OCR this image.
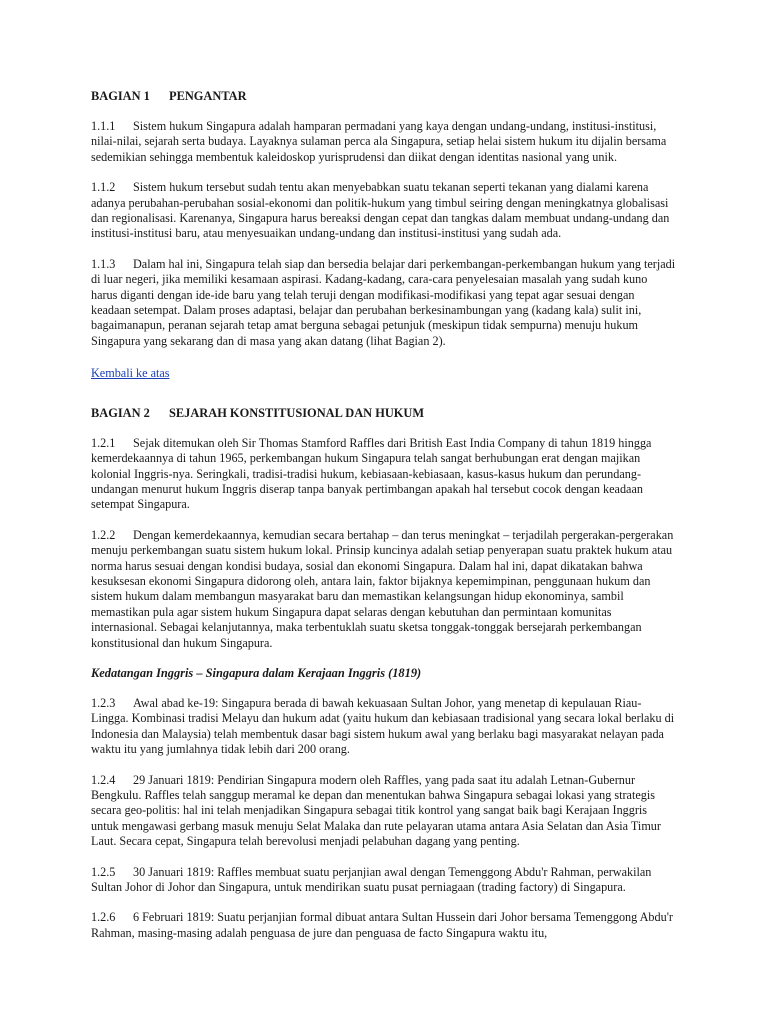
BAGIAN 1 PENGANTAR

1.1.1 Sistem hukum Singapura adalah hamparan permadani yang kaya dengan undang-undang, institusi-institusi, nilai-nilai, sejarah serta budaya. Layaknya sulaman perca ala Singapura, setiap helai sistem hukum itu dijalin bersama sedemikian sehingga membentuk kaleidoskop yurisprudensi dan diikat dengan identitas nasional yang unik.

1.1.2 Sistem hukum tersebut sudah tentu akan menyebabkan suatu tekanan seperti tekanan yang dialami karena adanya perubahan-perubahan sosial-ekonomi dan politik-hukum yang timbul seiring dengan meningkatnya globalisasi dan regionalisasi. Karenanya, Singapura harus bereaksi dengan cepat dan tangkas dalam membuat undang-undang dan institusi-institusi baru, atau menyesuaikan undang-undang dan institusi-institusi yang sudah ada.

1.1.3 Dalam hal ini, Singapura telah siap dan bersedia belajar dari perkembangan-perkembangan hukum yang terjadi di luar negeri, jika memiliki kesamaan aspirasi. Kadang-kadang, cara-cara penyelesaian masalah yang sudah kuno harus diganti dengan ide-ide baru yang telah teruji dengan modifikasi-modifikasi yang tepat agar sesuai dengan keadaan setempat. Dalam proses adaptasi, belajar dan perubahan berkesinambungan yang (kadang kala) sulit ini, bagaimanapun, peranan sejarah tetap amat berguna sebagai petunjuk (meskipun tidak sempurna) menuju hukum Singapura yang sekarang dan di masa yang akan datang (lihat Bagian 2).

Kembali ke atas
BAGIAN 2 SEJARAH KONSTITUSIONAL DAN HUKUM

1.2.1 Sejak ditemukan oleh Sir Thomas Stamford Raffles dari British East India Company di tahun 1819 hingga kemerdekaannya di tahun 1965, perkembangan hukum Singapura telah sangat berhubungan erat dengan majikan kolonial Inggris-nya. Seringkali, tradisi-tradisi hukum, kebiasaan-kebiasaan, kasus-kasus hukum dan perundang-undangan menurut hukum Inggris diserap tanpa banyak pertimbangan apakah hal tersebut cocok dengan keadaan setempat Singapura.

1.2.2 Dengan kemerdekaannya, kemudian secara bertahap – dan terus meningkat – terjadilah pergerakan-pergerakan menuju perkembangan suatu sistem hukum lokal. Prinsip kuncinya adalah setiap penyerapan suatu praktek hukum atau norma harus sesuai dengan kondisi budaya, sosial dan ekonomi Singapura. Dalam hal ini, dapat dikatakan bahwa kesuksesan ekonomi Singapura didorong oleh, antara lain, faktor bijaknya kepemimpinan, penggunaan hukum dan sistem hukum dalam membangun masyarakat baru dan memastikan kelangsungan hidup ekonominya, sambil memastikan pula agar sistem hukum Singapura dapat selaras dengan kebutuhan dan permintaan komunitas internasional. Sebagai kelanjutannya, maka terbentuklah suatu sketsa tonggak-tonggak bersejarah perkembangan konstitusional dan hukum Singapura.

Kedatangan Inggris – Singapura dalam Kerajaan Inggris (1819)

1.2.3 Awal abad ke-19: Singapura berada di bawah kekuasaan Sultan Johor, yang menetap di kepulauan Riau-Lingga. Kombinasi tradisi Melayu dan hukum adat (yaitu hukum dan kebiasaan tradisional yang secara lokal berlaku di Indonesia dan Malaysia) telah membentuk dasar bagi sistem hukum awal yang berlaku bagi masyarakat nelayan pada waktu itu yang jumlahnya tidak lebih dari 200 orang.

1.2.4 29 Januari 1819: Pendirian Singapura modern oleh Raffles, yang pada saat itu adalah Letnan-Gubernur Bengkulu. Raffles telah sanggup meramal ke depan dan menentukan bahwa Singapura sebagai lokasi yang strategis secara geo-politis: hal ini telah menjadikan Singapura sebagai titik kontrol yang sangat baik bagi Kerajaan Inggris untuk mengawasi gerbang masuk menuju Selat Malaka dan rute pelayaran utama antara Asia Selatan dan Asia Timur Laut. Secara cepat, Singapura telah berevolusi menjadi pelabuhan dagang yang penting.

1.2.5 30 Januari 1819: Raffles membuat suatu perjanjian awal dengan Temenggong Abdu'r Rahman, perwakilan Sultan Johor di Johor dan Singapura, untuk mendirikan suatu pusat perniagaan (trading factory) di Singapura.

1.2.6 6 Februari 1819: Suatu perjanjian formal dibuat antara Sultan Hussein dari Johor bersama Temenggong Abdu'r Rahman, masing-masing adalah penguasa de jure dan penguasa de facto Singapura waktu itu,
